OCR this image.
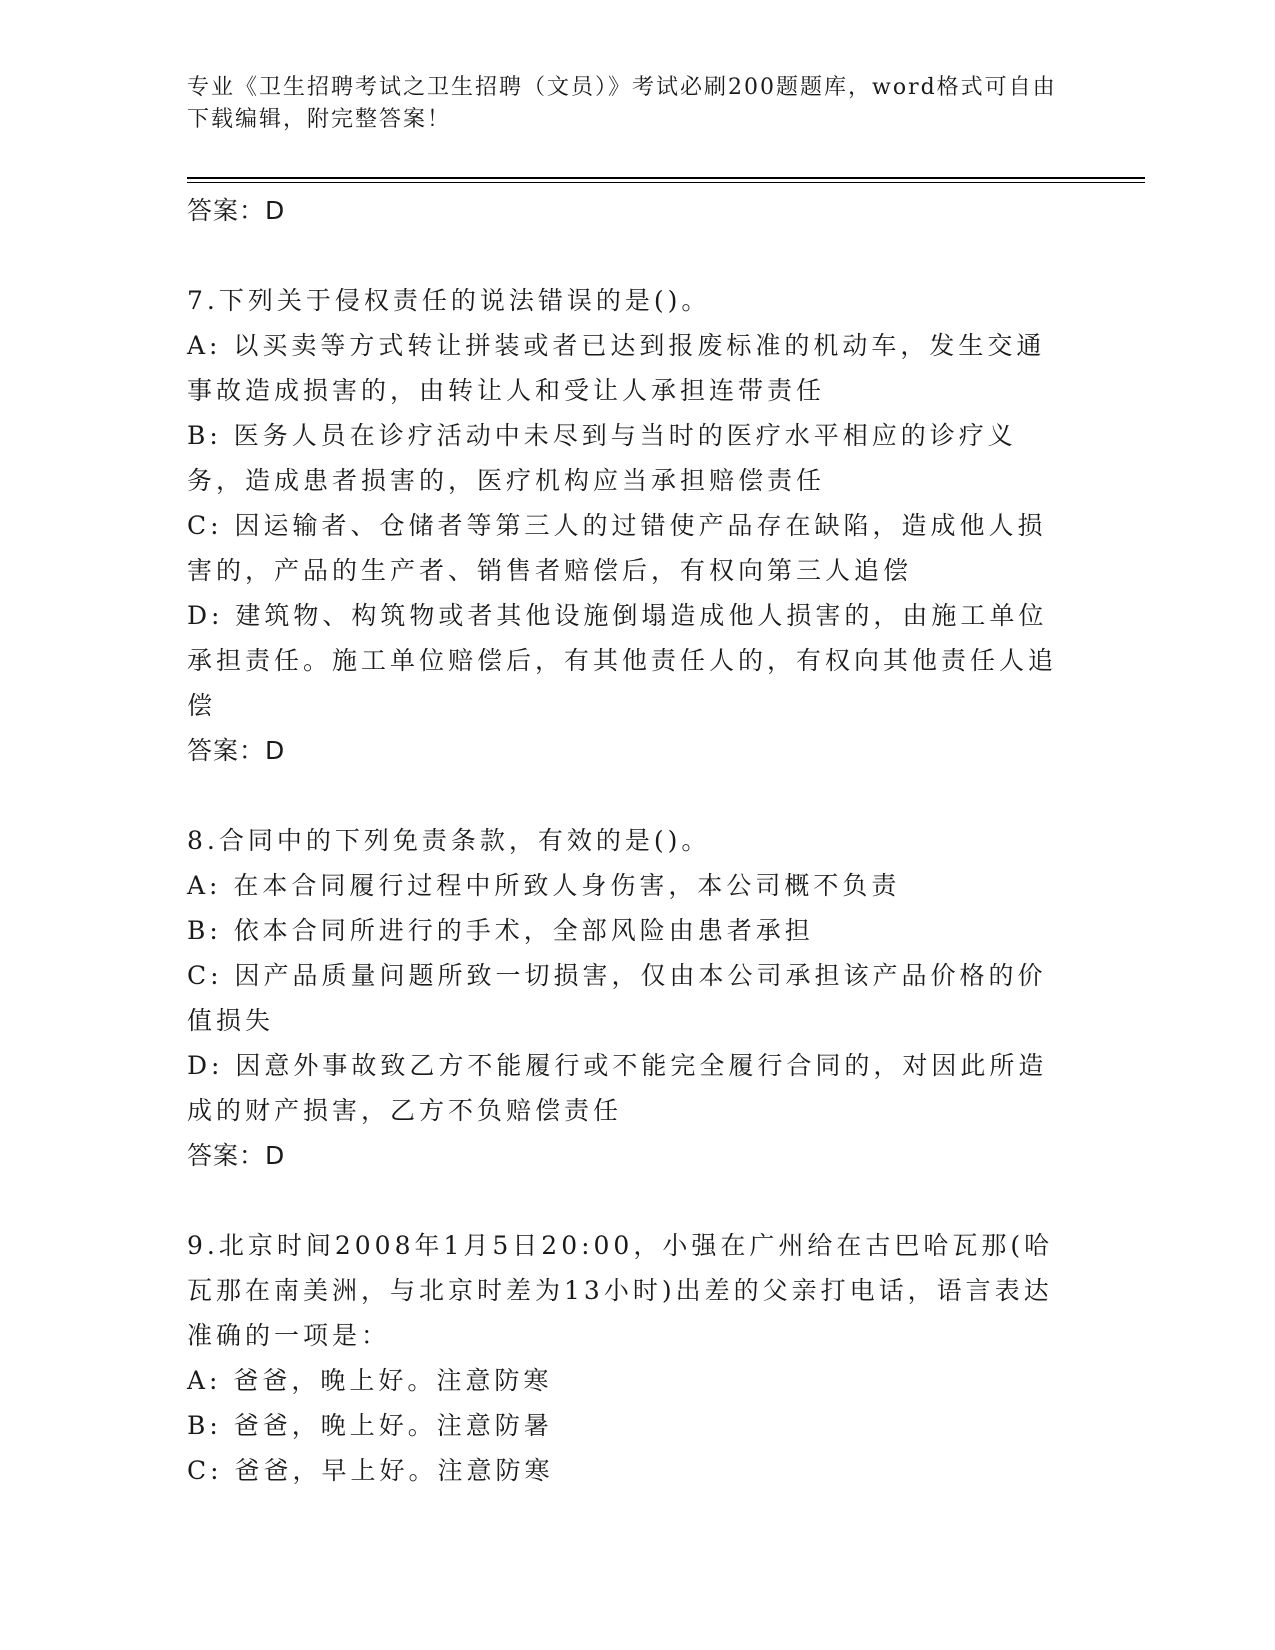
专业《卫生招聘考试之卫生招聘（文员）》考试必刷200题题库，word格式可自由下载编辑，附完整答案！
答案：D
7.下列关于侵权责任的说法错误的是()。
A: 以买卖等方式转让拼装或者已达到报废标准的机动车，发生交通事故造成损害的，由转让人和受让人承担连带责任
B: 医务人员在诊疗活动中未尽到与当时的医疗水平相应的诊疗义务，造成患者损害的，医疗机构应当承担赔偿责任
C: 因运输者、仓储者等第三人的过错使产品存在缺陷，造成他人损害的，产品的生产者、销售者赔偿后，有权向第三人追偿
D: 建筑物、构筑物或者其他设施倒塌造成他人损害的，由施工单位承担责任。施工单位赔偿后，有其他责任人的，有权向其他责任人追偿
答案：D
8.合同中的下列免责条款，有效的是()。
A: 在本合同履行过程中所致人身伤害，本公司概不负责
B: 依本合同所进行的手术，全部风险由患者承担
C: 因产品质量问题所致一切损害，仅由本公司承担该产品价格的价值损失
D: 因意外事故致乙方不能履行或不能完全履行合同的，对因此所造成的财产损害，乙方不负赔偿责任
答案：D
9.北京时间2008年1月5日20:00，小强在广州给在古巴哈瓦那(哈瓦那在南美洲，与北京时差为13小时)出差的父亲打电话，语言表达准确的一项是：
A: 爸爸，晚上好。注意防寒
B: 爸爸，晚上好。注意防暑
C: 爸爸，早上好。注意防寒
